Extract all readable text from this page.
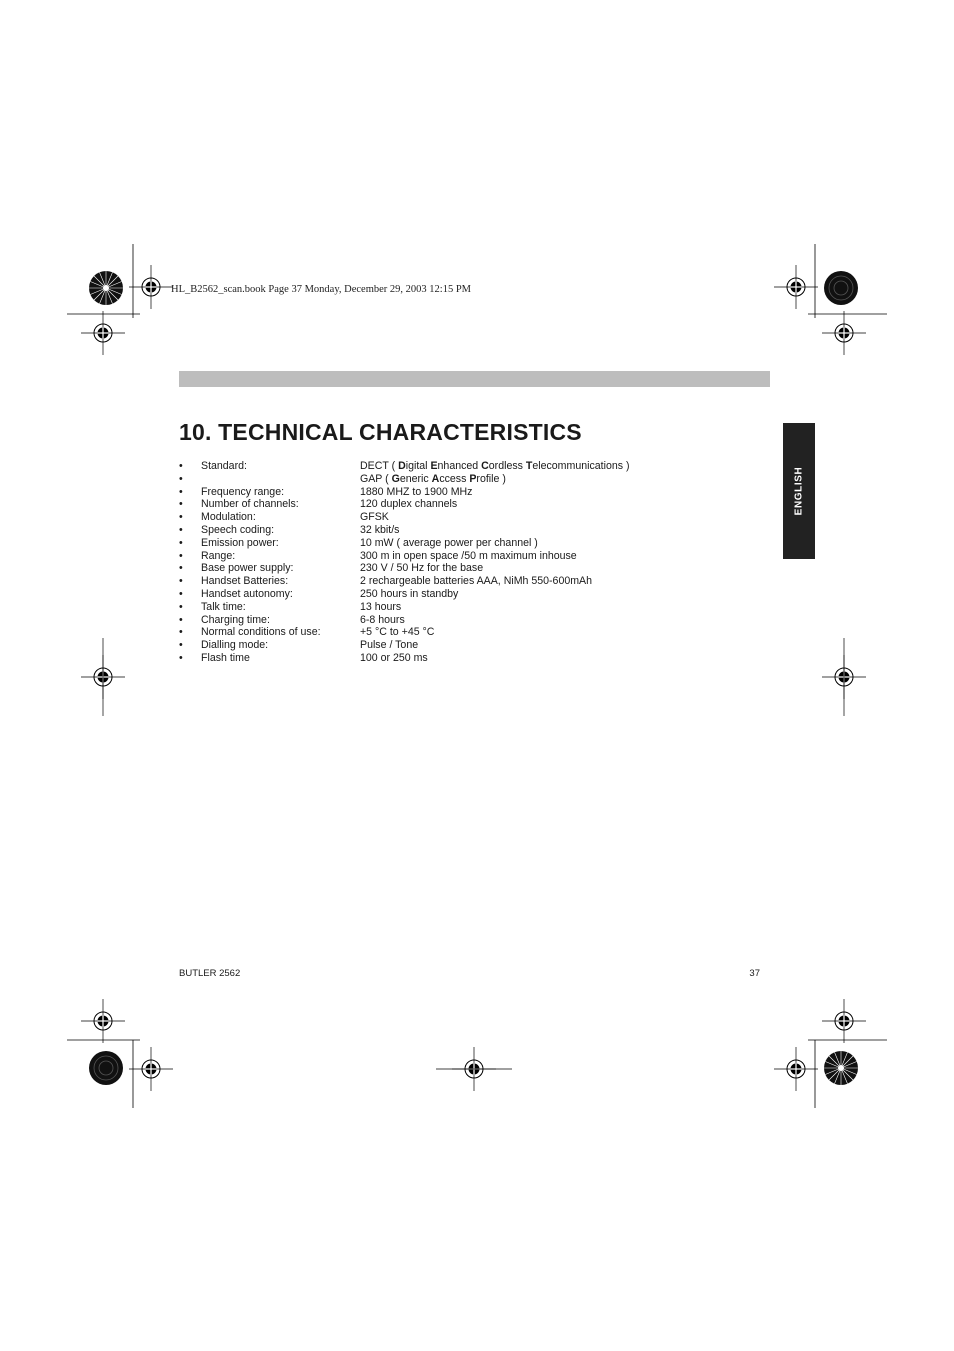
HL_B2562_scan.book Page 37 Monday, December 29, 2003 12:15 PM
10. TECHNICAL CHARACTERISTICS
ENGLISH
• Standard:	DECT ( Digital Enhanced Cordless Telecommunications )
•	GAP ( Generic Access Profile )
• Frequency range:	1880 MHZ to 1900 MHz
• Number of channels:	120 duplex channels
• Modulation:	GFSK
• Speech coding:	32 kbit/s
• Emission power:	10 mW ( average power per channel )
• Range:	300 m in open space /50 m maximum inhouse
• Base power supply:	230 V / 50 Hz for the base
• Handset Batteries:	2 rechargeable batteries AAA, NiMh 550-600mAh
• Handset autonomy:	250 hours in standby
• Talk time:	13 hours
• Charging time:	6-8 hours
• Normal conditions of use:	+5 °C to +45 °C
• Dialling mode:	Pulse / Tone
• Flash time	100 or 250 ms
BUTLER 2562	37
